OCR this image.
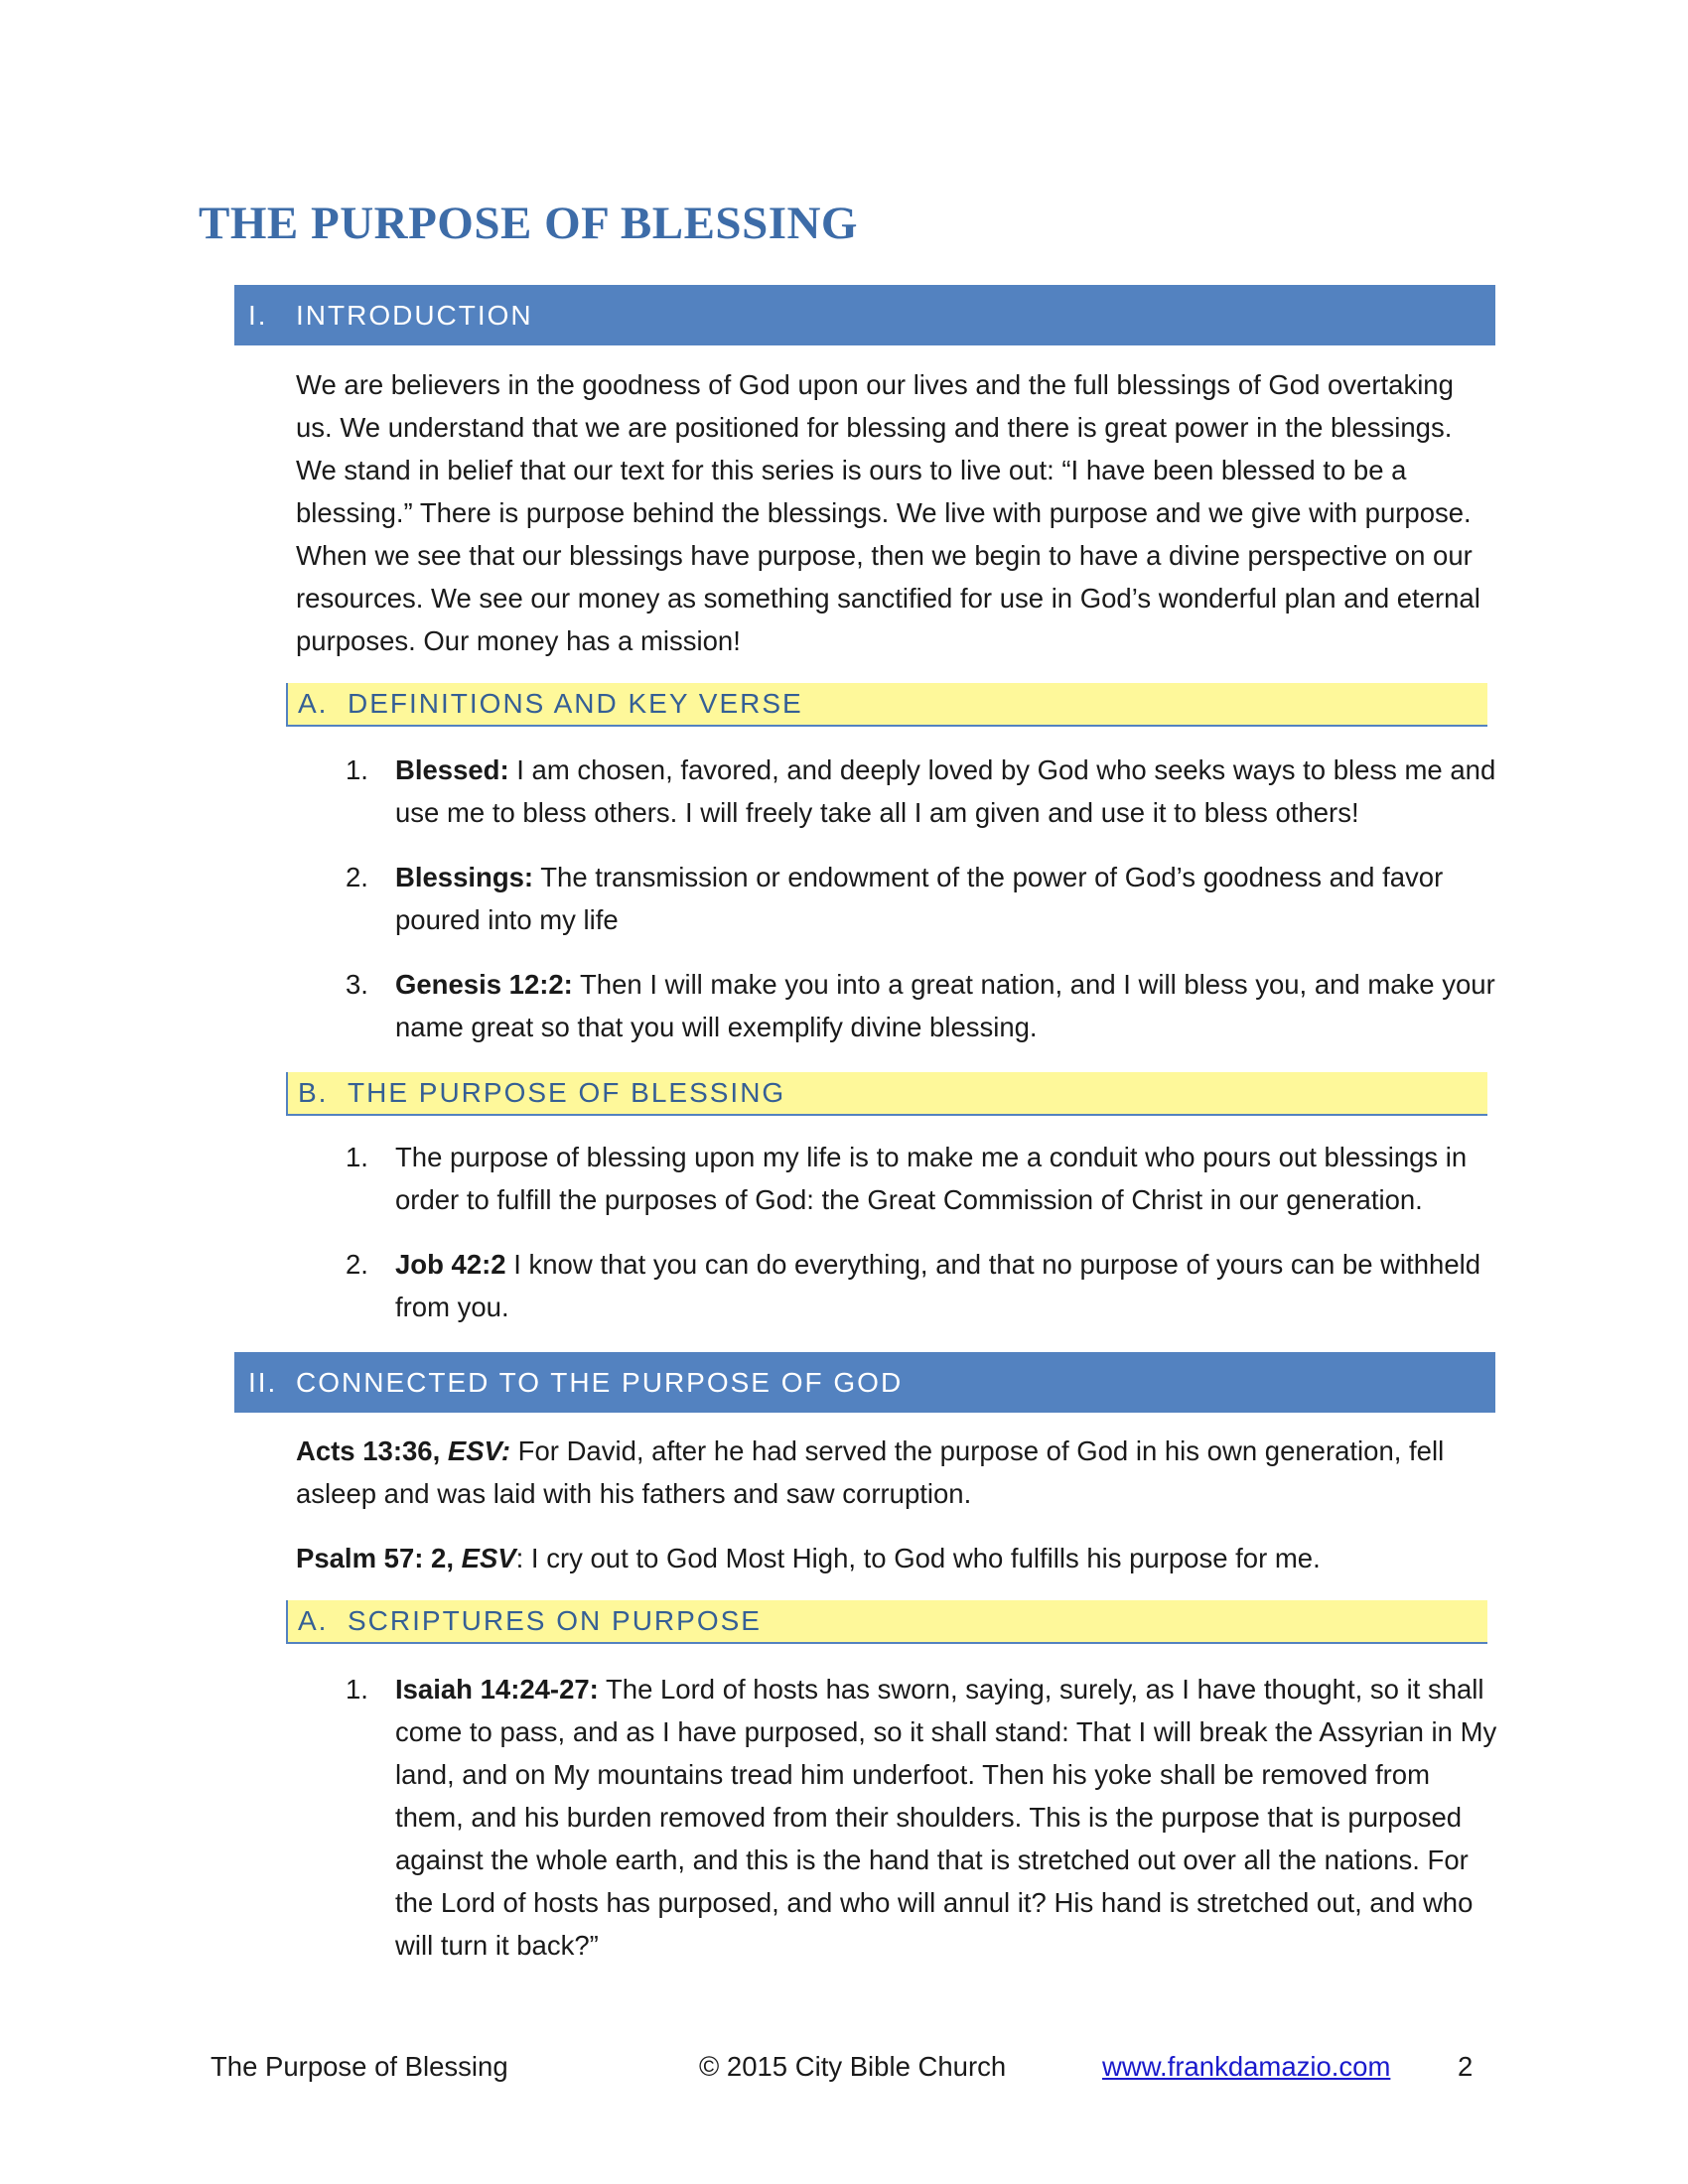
THE PURPOSE OF BLESSING
I.	INTRODUCTION

We are believers in the goodness of God upon our lives and the full blessings of God overtaking us. We understand that we are positioned for blessing and there is great power in the blessings. We stand in belief that our text for this series is ours to live out: “I have been blessed to be a blessing.” There is purpose behind the blessings. We live with purpose and we give with purpose. When we see that our blessings have purpose, then we begin to have a divine perspective on our resources. We see our money as something sanctified for use in God’s wonderful plan and eternal purposes. Our money has a mission!

A. DEFINITIONS AND KEY VERSE
1. Blessed: I am chosen, favored, and deeply loved by God who seeks ways to bless me and use me to bless others. I will freely take all I am given and use it to bless others!
2. Blessings: The transmission or endowment of the power of God’s goodness and favor poured into my life
3. Genesis 12:2: Then I will make you into a great nation, and I will bless you, and make your name great so that you will exemplify divine blessing.
B. THE PURPOSE OF BLESSING
1. The purpose of blessing upon my life is to make me a conduit who pours out blessings in order to fulfill the purposes of God: the Great Commission of Christ in our generation.
2. Job 42:2 I know that you can do everything, and that no purpose of yours can be withheld from you.
II. CONNECTED TO THE PURPOSE OF GOD

Acts 13:36, ESV: For David, after he had served the purpose of God in his own generation, fell asleep and was laid with his fathers and saw corruption.

Psalm 57: 2, ESV: I cry out to God Most High, to God who fulfills his purpose for me.

A. SCRIPTURES ON PURPOSE
1. Isaiah 14:24-27: The Lord of hosts has sworn, saying, surely, as I have thought, so it shall come to pass, and as I have purposed, so it shall stand: That I will break the Assyrian in My land, and on My mountains tread him underfoot. Then his yoke shall be removed from them, and his burden removed from their shoulders. This is the purpose that is purposed against the whole earth, and this is the hand that is stretched out over all the nations. For the Lord of hosts has purposed, and who will annul it? His hand is stretched out, and who will turn it back?”
The Purpose of Blessing	© 2015 City Bible Church	www.frankdamazio.com 2
